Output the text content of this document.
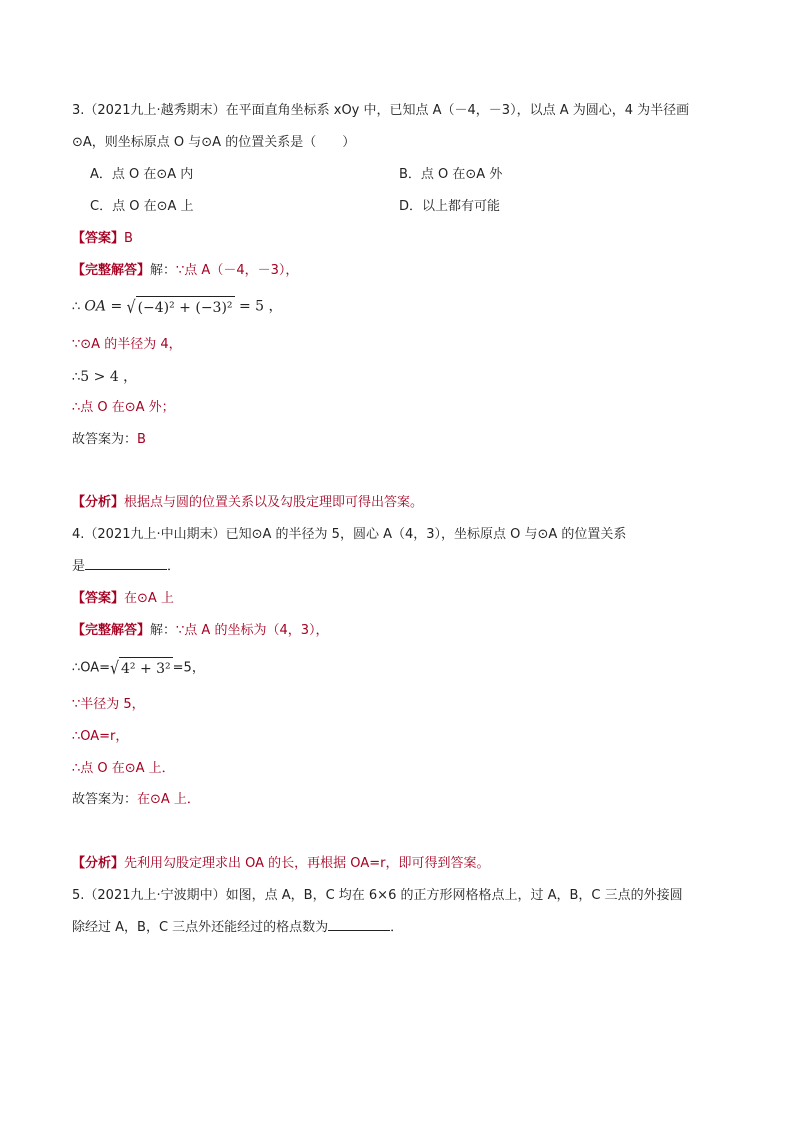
3.（2021九上·越秀期末）在平面直角坐标系 xOy 中，已知点 A（－4，－3），以点 A 为圆心，4 为半径画
⊙A，则坐标原点 O 与⊙A 的位置关系是（　　）
A．点 O 在⊙A 内	B．点 O 在⊙A 外
C．点 O 在⊙A 上	D．以上都有可能
【答案】B
【完整解答】解：∵点 A（－4，－3），
∴ OA = √ (−4)² + (−3)² = 5 ，
∵⊙A 的半径为 4，
∴5 > 4 ，
∴点 O 在⊙A 外；
故答案为：B
【分析】根据点与圆的位置关系以及勾股定理即可得出答案。
4.（2021九上·中山期末）已知⊙A 的半径为 5，圆心 A（4，3），坐标原点 O 与⊙A 的位置关系
是	．
【答案】在⊙A 上
【完整解答】解：∵点 A 的坐标为（4，3），
∴OA=√ 4² + 3² =5，
∵半径为 5，
∴OA=r，
∴点 O 在⊙A 上．
故答案为：在⊙A 上．
【分析】先利用勾股定理求出 OA 的长，再根据 OA=r，即可得到答案。
5.（2021九上·宁波期中）如图，点 A，B，C 均在 6×6 的正方形网格格点上，过 A，B，C 三点的外接圆
除经过 A，B，C 三点外还能经过的格点数为	．
